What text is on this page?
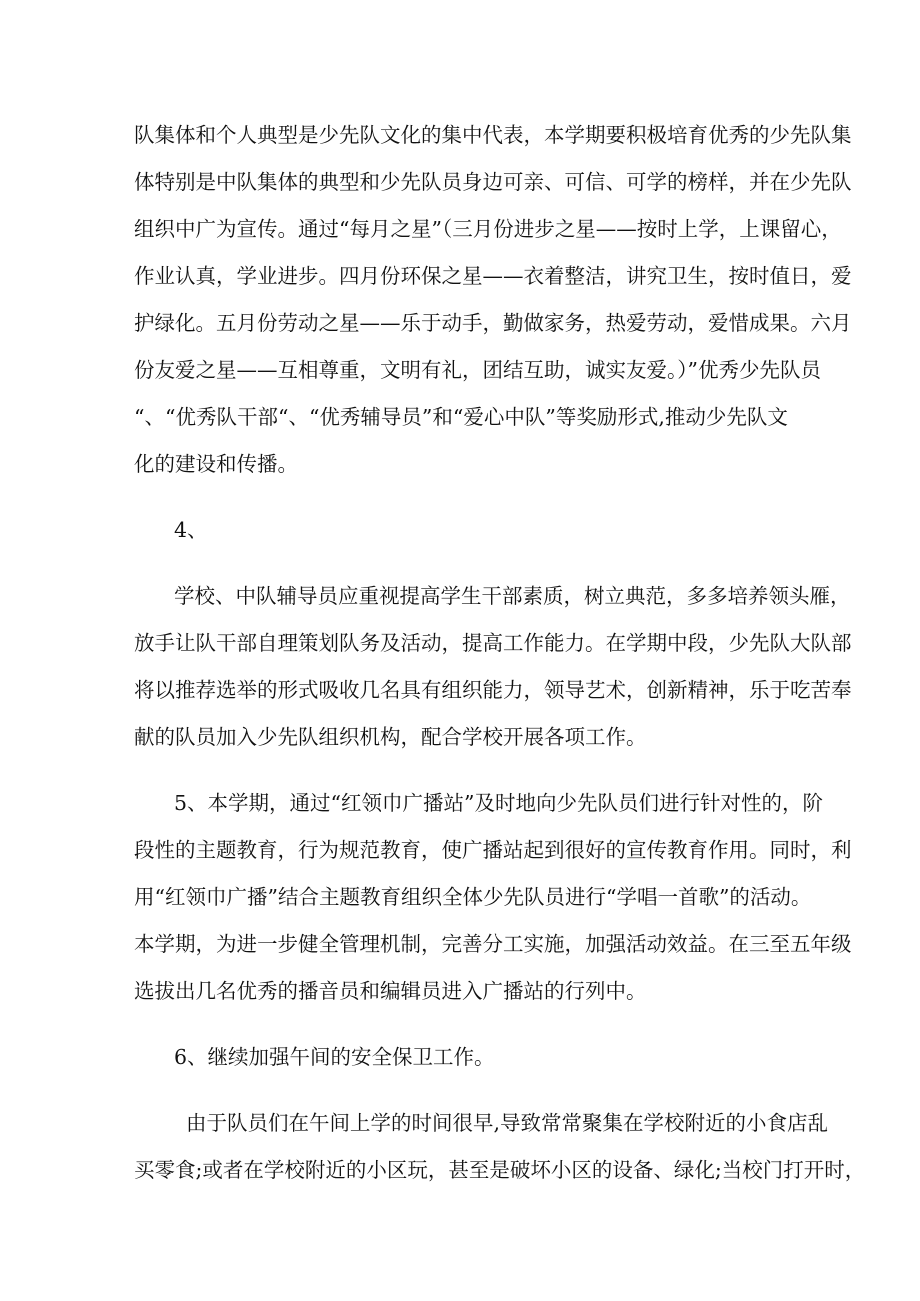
队集体和个人典型是少先队文化的集中代表，本学期要积极培育优秀的少先队集
体特别是中队集体的典型和少先队员身边可亲、可信、可学的榜样，并在少先队
组织中广为宣传。通过“每月之星”（三月份进步之星——按时上学，上课留心，
作业认真，学业进步。四月份环保之星——衣着整洁，讲究卫生，按时值日，爱
护绿化。五月份劳动之星——乐于动手，勤做家务，热爱劳动，爱惜成果。六月
份友爱之星——互相尊重，文明有礼，团结互助，诚实友爱。）”优秀少先队员
“、“优秀队干部“、“优秀辅导员”和“爱心中队”等奖励形式,推动少先队文
化的建设和传播。
4、
学校、中队辅导员应重视提高学生干部素质，树立典范，多多培养领头雁，
放手让队干部自理策划队务及活动，提高工作能力。在学期中段，少先队大队部
将以推荐选举的形式吸收几名具有组织能力，领导艺术，创新精神，乐于吃苦奉
献的队员加入少先队组织机构，配合学校开展各项工作。
5、本学期，通过“红领巾广播站”及时地向少先队员们进行针对性的，阶
段性的主题教育，行为规范教育，使广播站起到很好的宣传教育作用。同时，利
用“红领巾广播”结合主题教育组织全体少先队员进行“学唱一首歌”的活动。
本学期，为进一步健全管理机制，完善分工实施，加强活动效益。在三至五年级
选拔出几名优秀的播音员和编辑员进入广播站的行列中。
6、继续加强午间的安全保卫工作。
由于队员们在午间上学的时间很早,导致常常聚集在学校附近的小食店乱
买零食;或者在学校附近的小区玩，甚至是破坏小区的设备、绿化;当校门打开时，
